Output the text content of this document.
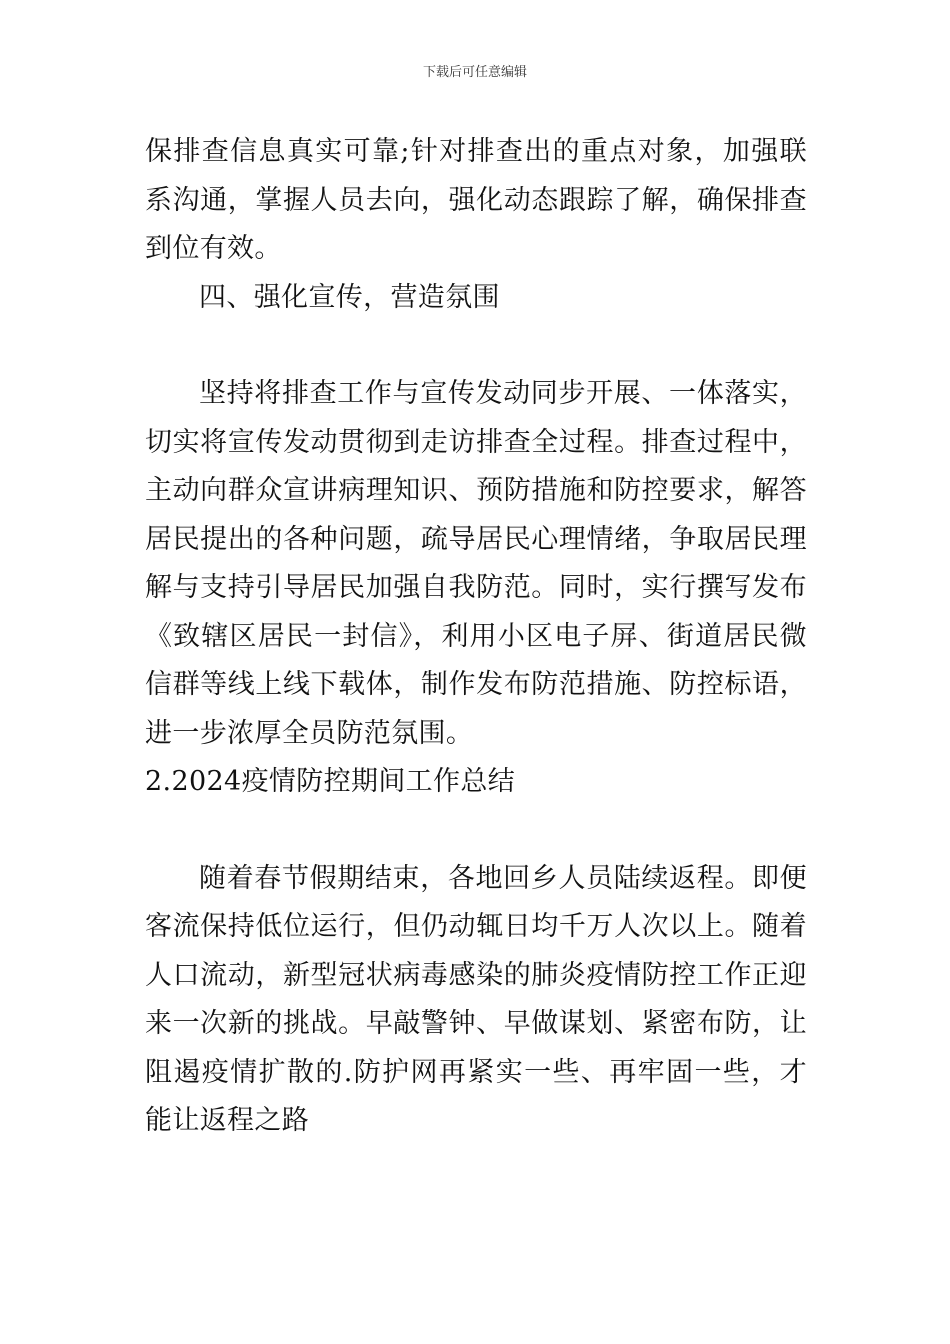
下载后可任意编辑

保排查信息真实可靠;针对排查出的重点对象，加强联系沟通，掌握人员去向，强化动态跟踪了解，确保排查到位有效。

四、强化宣传，营造氛围

坚持将排查工作与宣传发动同步开展、一体落实，切实将宣传发动贯彻到走访排查全过程。排查过程中，主动向群众宣讲病理知识、预防措施和防控要求，解答居民提出的各种问题，疏导居民心理情绪，争取居民理解与支持引导居民加强自我防范。同时，实行撰写发布《致辖区居民一封信》，利用小区电子屏、街道居民微信群等线上线下载体，制作发布防范措施、防控标语，进一步浓厚全员防范氛围。

2.2024疫情防控期间工作总结

随着春节假期结束，各地回乡人员陆续返程。即便客流保持低位运行，但仍动辄日均千万人次以上。随着人口流动，新型冠状病毒感染的肺炎疫情防控工作正迎来一次新的挑战。早敲警钟、早做谋划、紧密布防，让阻遏疫情扩散的.防护网再紧实一些、再牢固一些，才能让返程之路
